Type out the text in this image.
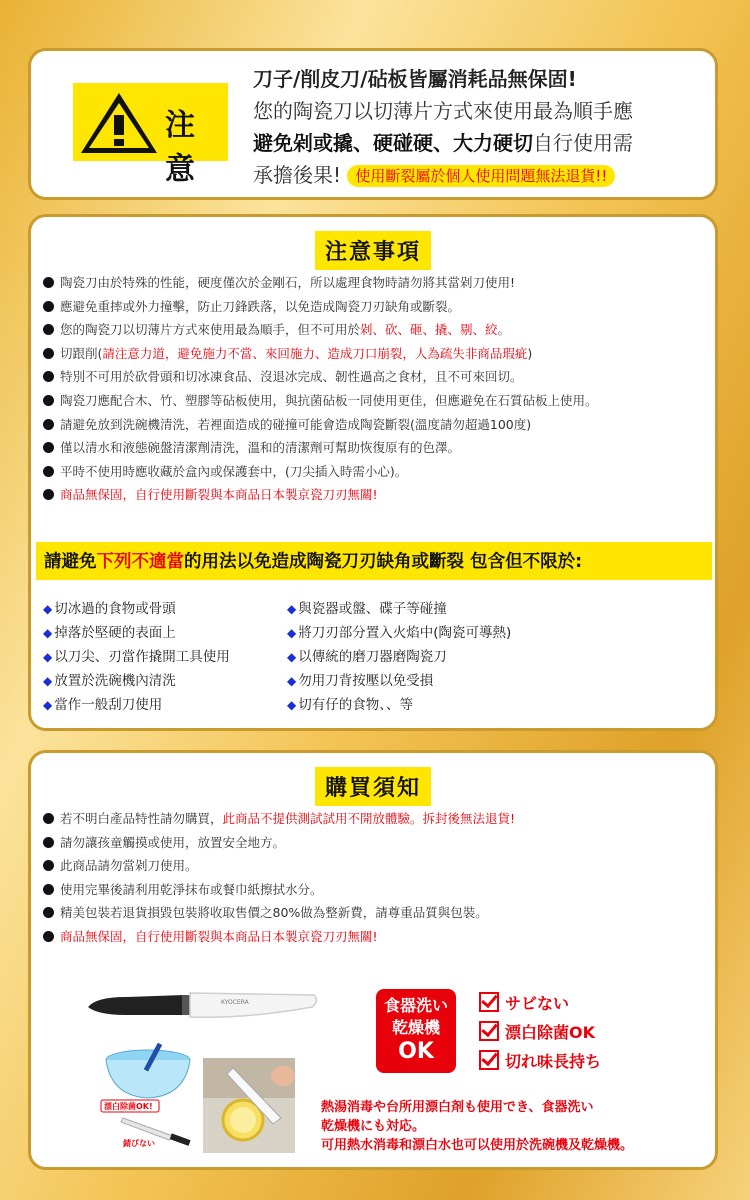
注意
刀子/削皮刀/砧板皆屬消耗品無保固!
您的陶瓷刀以切薄片方式來使用最為順手應
避免剁或撬、硬碰硬、大力硬切自行使用需
承擔後果! 使用斷裂屬於個人使用問題無法退貨!!
注意事項
陶瓷刀由於特殊的性能，硬度僅次於金剛石，所以處理食物時請勿將其當剁刀使用!
應避免重摔或外力撞擊，防止刀鋒跌落，以免造成陶瓷刀刃缺角或斷裂。
您的陶瓷刀以切薄片方式來使用最為順手，但不可用於剁、砍、砸、撬、剔、絞。
切跟削(請注意力道，避免施力不當、來回施力、造成刀口崩裂，人為疏失非商品瑕疵)
特別不可用於砍骨頭和切冰凍食品、沒退冰完成、韌性過高之食材，且不可來回切。
陶瓷刀應配合木、竹、塑膠等砧板使用，與抗菌砧板一同使用更佳，但應避免在石質砧板上使用。
請避免放到洗碗機清洗，若裡面造成的碰撞可能會造成陶瓷斷裂(溫度請勿超過100度)
僅以清水和液態碗盤清潔劑清洗，溫和的清潔劑可幫助恢復原有的色澤。
平時不使用時應收藏於盒內或保護套中，(刀尖插入時需小心)。
商品無保固，自行使用斷裂與本商品日本製京瓷刀刃無關!
請避免下列不適當的用法以免造成陶瓷刀刃缺角或斷裂 包含但不限於:
◆ 切冰過的食物或骨頭
◆ 掉落於堅硬的表面上
◆ 以刀尖、刃當作撬開工具使用
◆ 放置於洗碗機內清洗
◆ 當作一般刮刀使用
◆ 與瓷器或盤、碟子等碰撞
◆ 將刀刃部分置入火焰中(陶瓷可導熱)
◆ 以傳統的磨刀器磨陶瓷刀
◆ 勿用刀背按壓以免受損
◆ 切有仔的食物、、等
購買須知
若不明白產品特性請勿購買，此商品不提供測試試用不開放體驗。拆封後無法退貨!
請勿讓孩童觸摸或使用，放置安全地方。
此商品請勿當剁刀使用。
使用完畢後請利用乾淨抹布或餐巾紙擦拭水分。
精美包裝若退貨損毀包裝將收取售價之80%做為整新費，請尊重品質與包裝。
商品無保固，自行使用斷裂與本商品日本製京瓷刀刃無關!
KYOCERA
漂白除菌OK!
錆びない
食器洗い
乾燥機
OK
サビない
漂白除菌OK
切れ味長持ち
熱湯消毒や台所用漂白剤も使用でき、食器洗い
乾燥機にも対応。
可用熱水消毒和漂白水也可以使用於洗碗機及乾燥機。
